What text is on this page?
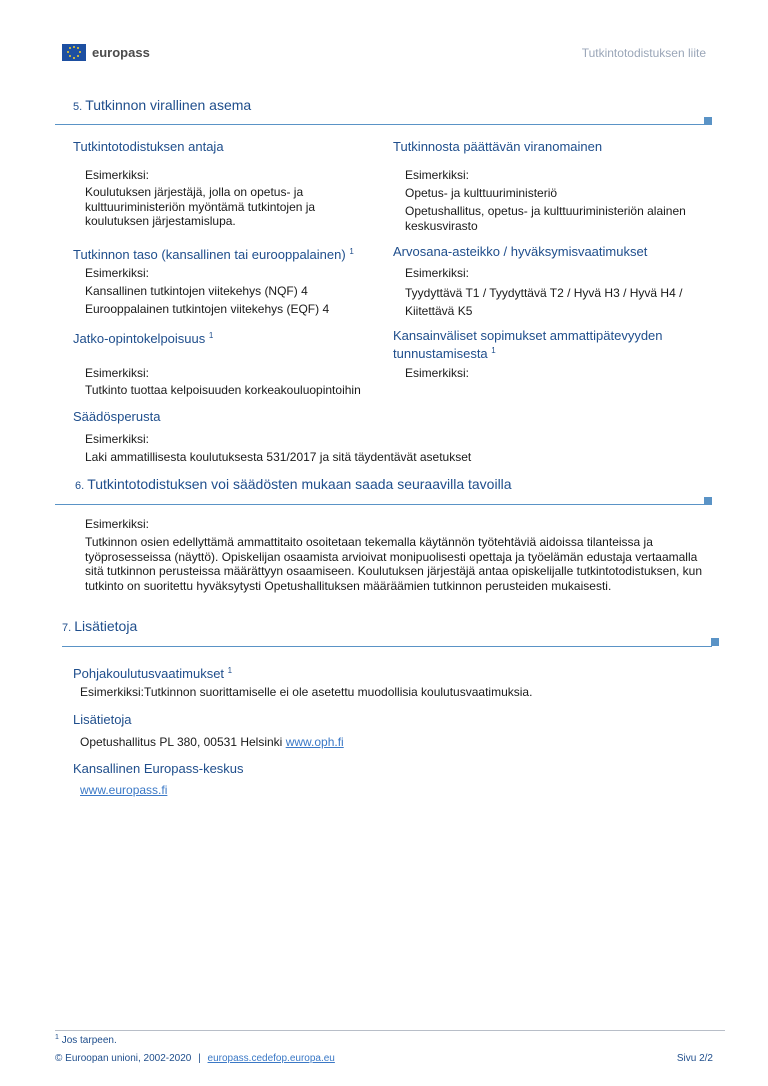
europass	Tutkintotodistuksen liite
5. Tutkinnon virallinen asema
Tutkintotodistuksen antaja
Esimerkiksi:
Koulutuksen järjestäjä, jolla on opetus- ja kulttuuriministeriön myöntämä tutkintojen ja koulutuksen järjestamislupa.
Tutkinnon taso (kansallinen tai eurooppalainen) $^1$
Esimerkiksi:
Kansallinen tutkintojen viitekehys (NQF) 4
Eurooppalainen tutkintojen viitekehys (EQF) 4
Jatko-opintokelpoisuus $^1$
Esimerkiksi:
Tutkinto tuottaa kelpoisuuden korkeakouluopintoihin
Säädösperusta
Esimerkiksi:
Laki ammatillisesta koulutuksesta 531/2017 ja sitä täydentävät asetukset
Tutkinnosta päättävän viranomainen
Esimerkiksi:
Opetus- ja kulttuuriministeriö
Opetushallitus, opetus- ja kulttuuriministeriön alainen keskusvirasto
Arvosana-asteikko / hyväksymisvaatimukset
Esimerkiksi:
Tyydyttävä T1 / Tyydyttävä T2 / Hyvä H3 / Hyvä H4 / Kiitettävä K5
Kansainväliset sopimukset ammattipätevyyden tunnustamisesta $^1$
Esimerkiksi:
6. Tutkintotodistuksen voi säädösten mukaan saada seuraavilla tavoilla
Esimerkiksi:
Tutkinnon osien edellyttämä ammattitaito osoitetaan tekemalla käytännön työtehtäviä aidoissa tilanteissa ja työprosesseissa (näyttö). Opiskelijan osaamista arvioivat monipuolisesti opettaja ja työelämän edustaja vertaamalla sitä tutkinnon perusteissa määrättyyn osaamiseen. Koulutuksen järjestäjä antaa opiskelijalle tutkintotodistuksen, kun tutkinto on suoritettu hyväksytysti Opetushallituksen määräämien tutkinnon perusteiden mukaisesti.
7. Lisätietoja
Pohjakoulutusvaatimukset $^1$
Esimerkiksi:Tutkinnon suorittamiselle ei ole asetettu muodollisia koulutusvaatimuksia.
Lisätietoja
Opetushallitus PL 380, 00531 Helsinki www.oph.fi
Kansallinen Europass-keskus
www.europass.fi
$^1$ Jos tarpeen.
© Euroopan unioni, 2002-2020 | europass.cedefop.europa.eu	Sivu 2/2
